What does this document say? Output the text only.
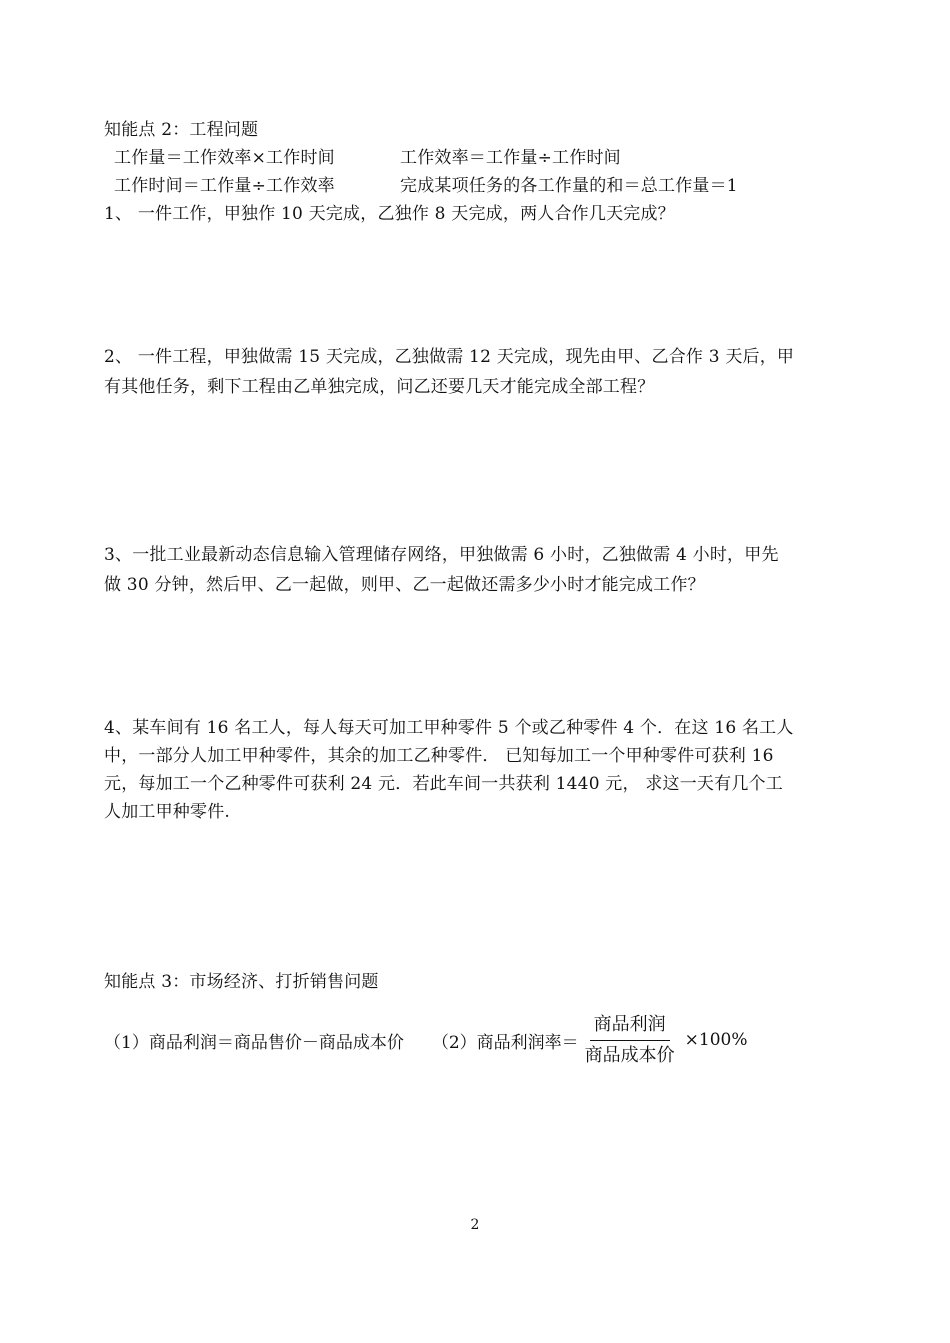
知能点 2：工程问题
工作量＝工作效率×工作时间	工作效率＝工作量÷工作时间
工作时间＝工作量÷工作效率	完成某项任务的各工作量的和＝总工作量＝1
1、 一件工作，甲独作 10 天完成，乙独作 8 天完成，两人合作几天完成？
2、 一件工程，甲独做需 15 天完成，乙独做需 12 天完成，现先由甲、乙合作 3 天后，甲
有其他任务，剩下工程由乙单独完成，问乙还要几天才能完成全部工程？
3、一批工业最新动态信息输入管理储存网络，甲独做需 6 小时，乙独做需 4 小时，甲先
做 30 分钟，然后甲、乙一起做，则甲、乙一起做还需多少小时才能完成工作？
4、某车间有 16 名工人，每人每天可加工甲种零件 5 个或乙种零件 4 个．在这 16 名工人
中，一部分人加工甲种零件，其余的加工乙种零件． 已知每加工一个甲种零件可获利 16
元，每加工一个乙种零件可获利 24 元．若此车间一共获利 1440 元， 求这一天有几个工
人加工甲种零件.
知能点 3：市场经济、打折销售问题
（1）商品利润＝商品售价－商品成本价 （2）商品利润率＝ $\frac{\text{商品利润}}{\text{商品成本价}} \times 100\%$
2
